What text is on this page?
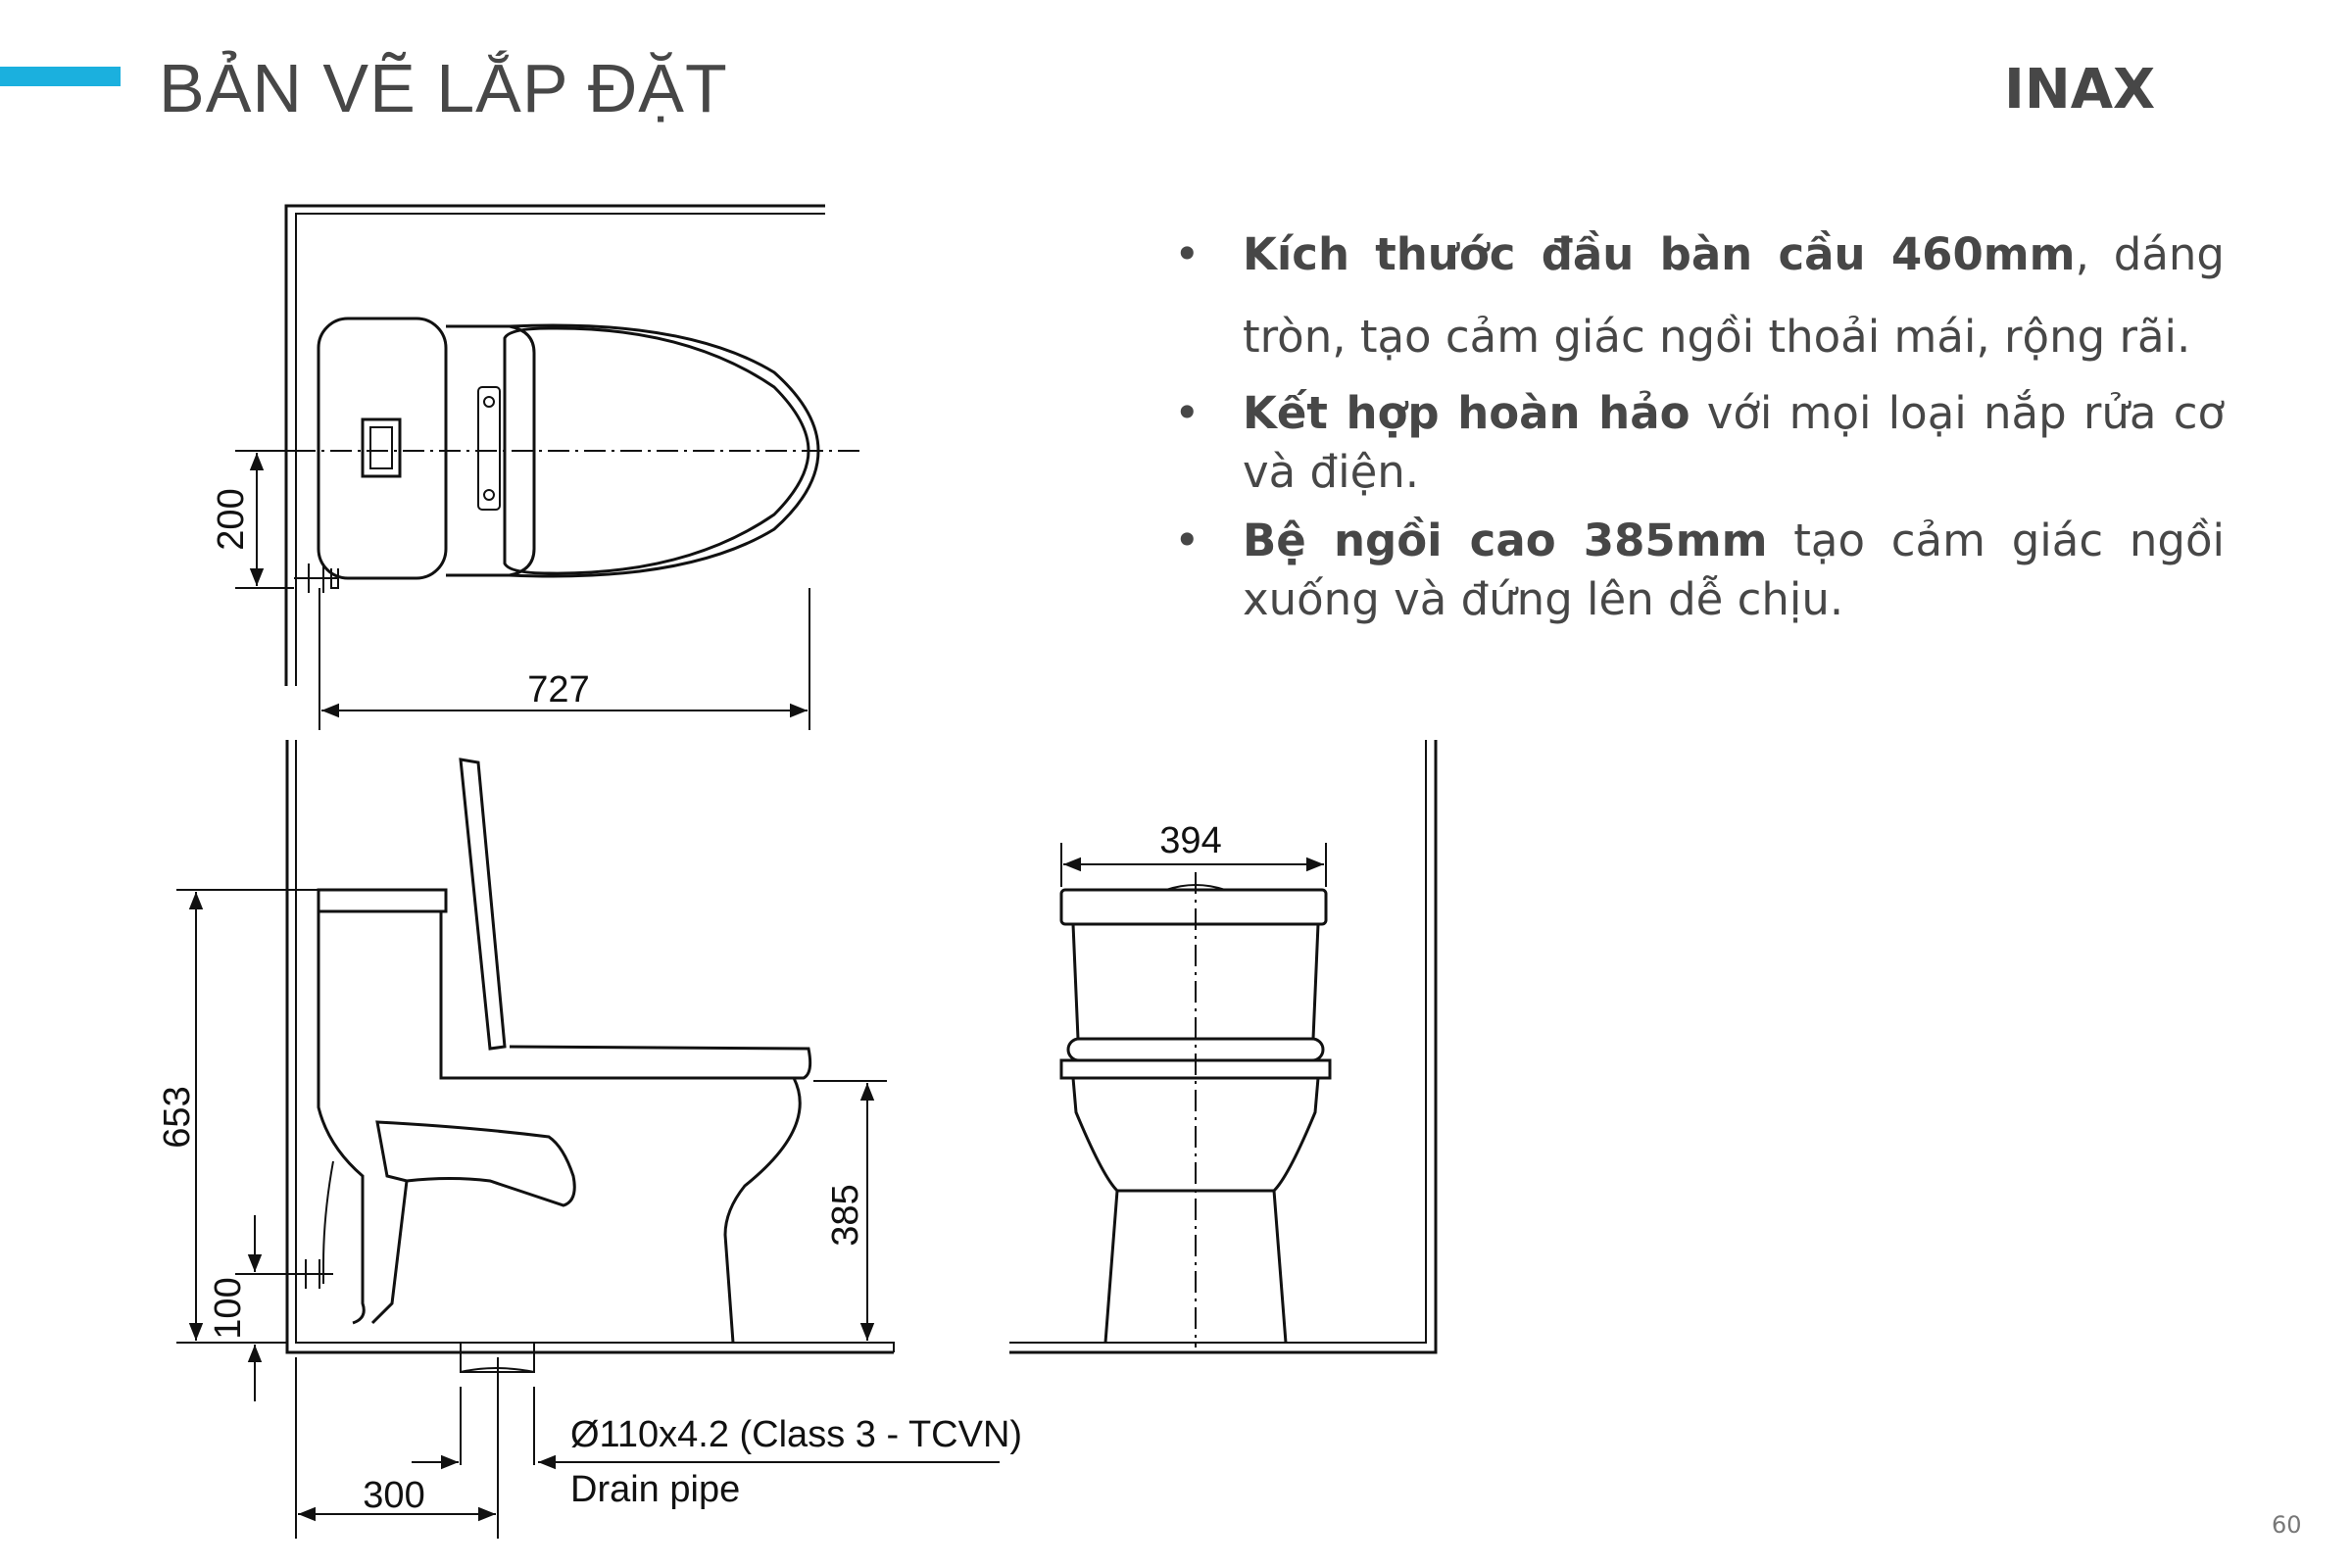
BẢN VẼ LẮP ĐẶT	INAX
• Kích thước đầu bàn cầu 460mm, dáng tròn, tạo cảm giác ngồi thoải mái, rộng rãi.
• Kết hợp hoàn hảo với mọi loại nắp rửa cơ và điện.
• Bệ ngồi cao 385mm tạo cảm giác ngồi xuống và đứng lên dễ chịu.
200
727
653
100
385
300
Ø110x4.2 (Class 3 - TCVN)
Drain pipe
394
60
